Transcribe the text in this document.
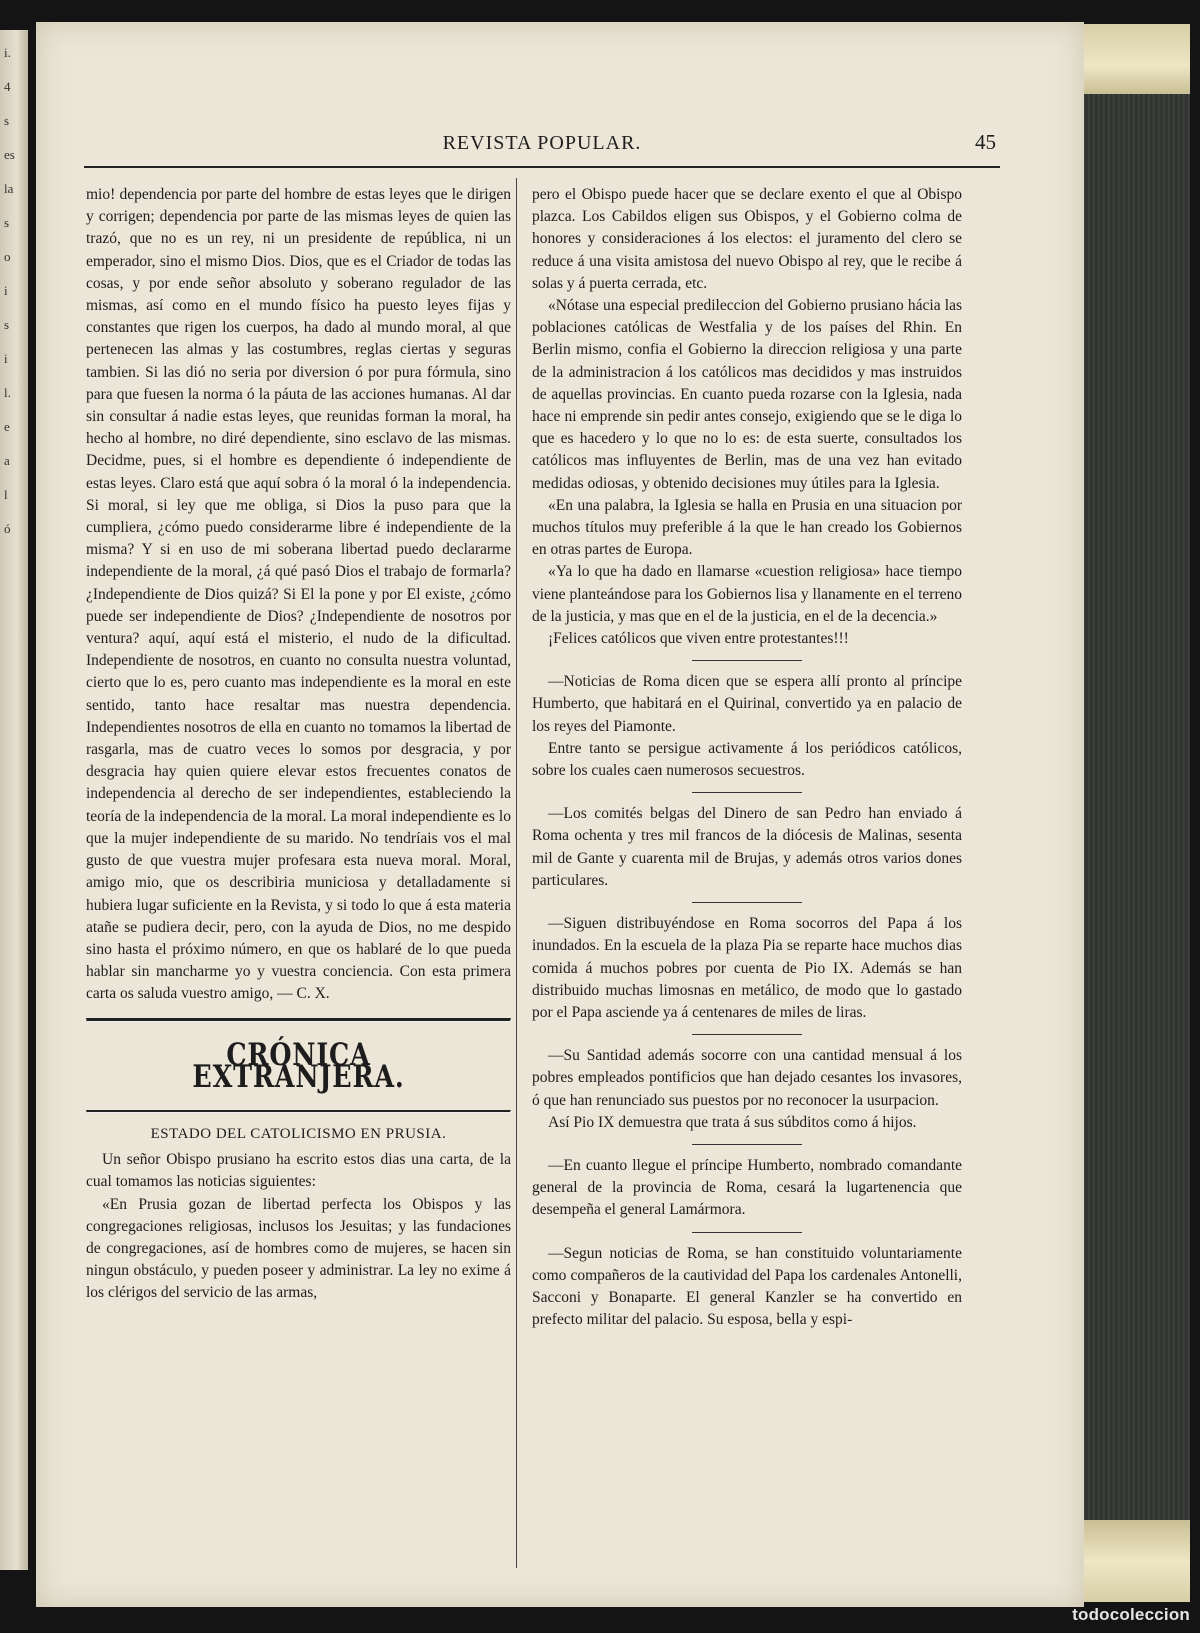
i.
4
s
es
la
s
o
i
s
i
l.
e
a
l
ó
REVISTA POPULAR.	45

mio! dependencia por parte del hombre de estas leyes que le dirigen y corrigen; dependencia por parte de las mismas leyes de quien las trazó, que no es un rey, ni un presidente de república, ni un emperador, sino el mismo Dios. Dios, que es el Criador de todas las cosas, y por ende señor absoluto y soberano regulador de las mismas, así como en el mundo físico ha puesto leyes fijas y constantes que rigen los cuerpos, ha dado al mundo moral, al que pertenecen las almas y las costumbres, reglas ciertas y seguras tambien. Si las dió no seria por diversion ó por pura fórmula, sino para que fuesen la norma ó la páuta de las acciones humanas. Al dar sin consultar á nadie estas leyes, que reunidas forman la moral, ha hecho al hombre, no diré dependiente, sino esclavo de las mismas. Decidme, pues, si el hombre es dependiente ó independiente de estas leyes. Claro está que aquí sobra ó la moral ó la independencia. Si moral, si ley que me obliga, si Dios la puso para que la cumpliera, ¿cómo puedo considerarme libre é independiente de la misma? Y si en uso de mi soberana libertad puedo declararme independiente de la moral, ¿á qué pasó Dios el trabajo de formarla? ¿Independiente de Dios quizá? Si El la pone y por El existe, ¿cómo puede ser independiente de Dios? ¿Independiente de nosotros por ventura? aquí, aquí está el misterio, el nudo de la dificultad. Independiente de nosotros, en cuanto no consulta nuestra voluntad, cierto que lo es, pero cuanto mas independiente es la moral en este sentido, tanto hace resaltar mas nuestra dependencia. Independientes nosotros de ella en cuanto no tomamos la libertad de rasgarla, mas de cuatro veces lo somos por desgracia, y por desgracia hay quien quiere elevar estos frecuentes conatos de independencia al derecho de ser independientes, estableciendo la teoría de la independencia de la moral. La moral independiente es lo que la mujer independiente de su marido. No tendríais vos el mal gusto de que vuestra mujer profesara esta nueva moral. Moral, amigo mio, que os describiria municiosa y detalladamente si hubiera lugar suficiente en la Revista, y si todo lo que á esta materia atañe se pudiera decir, pero, con la ayuda de Dios, no me despido sino hasta el próximo número, en que os hablaré de lo que pueda hablar sin mancharme yo y vuestra conciencia. Con esta primera carta os saluda vuestro amigo, — C. X.

CRÓNICA EXTRANJERA.
ESTADO DEL CATOLICISMO EN PRUSIA.

Un señor Obispo prusiano ha escrito estos dias una carta, de la cual tomamos las noticias siguientes:

«En Prusia gozan de libertad perfecta los Obispos y las congregaciones religiosas, inclusos los Jesuitas; y las fundaciones de congregaciones, así de hombres como de mujeres, se hacen sin ningun obstáculo, y pueden poseer y administrar. La ley no exime á los clérigos del servicio de las armas,

pero el Obispo puede hacer que se declare exento el que al Obispo plazca. Los Cabildos eligen sus Obispos, y el Gobierno colma de honores y consideraciones á los electos: el juramento del clero se reduce á una visita amistosa del nuevo Obispo al rey, que le recibe á solas y á puerta cerrada, etc.

«Nótase una especial predileccion del Gobierno prusiano hácia las poblaciones católicas de Westfalia y de los países del Rhin. En Berlin mismo, confia el Gobierno la direccion religiosa y una parte de la administracion á los católicos mas decididos y mas instruidos de aquellas provincias. En cuanto pueda rozarse con la Iglesia, nada hace ni emprende sin pedir antes consejo, exigiendo que se le diga lo que es hacedero y lo que no lo es: de esta suerte, consultados los católicos mas influyentes de Berlin, mas de una vez han evitado medidas odiosas, y obtenido decisiones muy útiles para la Iglesia.

«En una palabra, la Iglesia se halla en Prusia en una situacion por muchos títulos muy preferible á la que le han creado los Gobiernos en otras partes de Europa.

«Ya lo que ha dado en llamarse «cuestion religiosa» hace tiempo viene planteándose para los Gobiernos lisa y llanamente en el terreno de la justicia, y mas que en el de la justicia, en el de la decencia.»

¡Felices católicos que viven entre protestantes!!!

—Noticias de Roma dicen que se espera allí pronto al príncipe Humberto, que habitará en el Quirinal, convertido ya en palacio de los reyes del Piamonte.

Entre tanto se persigue activamente á los periódicos católicos, sobre los cuales caen numerosos secuestros.

—Los comités belgas del Dinero de san Pedro han enviado á Roma ochenta y tres mil francos de la diócesis de Malinas, sesenta mil de Gante y cuarenta mil de Brujas, y además otros varios dones particulares.

—Siguen distribuyéndose en Roma socorros del Papa á los inundados. En la escuela de la plaza Pia se reparte hace muchos dias comida á muchos pobres por cuenta de Pio IX. Además se han distribuido muchas limosnas en metálico, de modo que lo gastado por el Papa asciende ya á centenares de miles de liras.

—Su Santidad además socorre con una cantidad mensual á los pobres empleados pontificios que han dejado cesantes los invasores, ó que han renunciado sus puestos por no reconocer la usurpacion.

Así Pio IX demuestra que trata á sus súbditos como á hijos.

—En cuanto llegue el príncipe Humberto, nombrado comandante general de la provincia de Roma, cesará la lugartenencia que desempeña el general Lamármora.

—Segun noticias de Roma, se han constituido voluntariamente como compañeros de la cautividad del Papa los cardenales Antonelli, Sacconi y Bonaparte. El general Kanzler se ha convertido en prefecto militar del palacio. Su esposa, bella y espi-

todocoleccion
